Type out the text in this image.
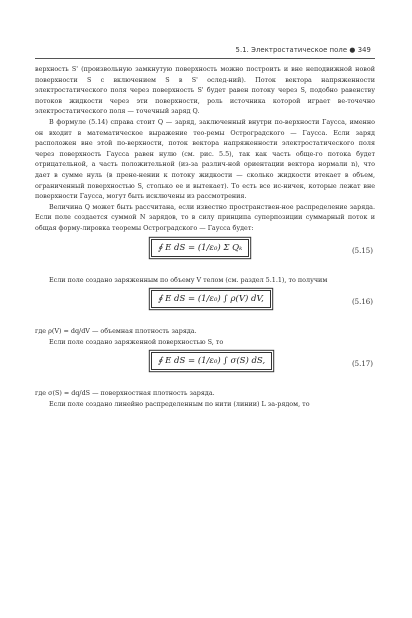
5.1. Электростатическое поле ● 349

верхность S' (произвольную замкнутую поверхность можно построить и вне неподвижной новой поверхности S с включением S в S' ослед-ний). Поток вектора напряженности электростатического поля через поверхность S' будет равен потоку через S, подобно равенству потоков жидкости через эти поверхности, роль источника которой играет ве-точечно электростатического поля — точечный заряд Q.

В формуле (5.14) справа стоит Q — заряд, заключенный внутри по-верхности Гаусса, именно он входит в математическое выражение тео-ремы Остроградского — Гаусса. Если заряд расположен вне этой по-верхности, поток вектора напряженности электростатического поля через поверхность Гаусса равен нулю (см. рис. 5.5), так как часть обще-го потока будет отрицательной, а часть положительной (из-за различ-ной ориентации вектора нормали n), что дает в сумме нуль (в прене-нении к потоку жидкости — сколько жидкости втекает в объем, ограниченный поверхностью S, столько ее и вытекает). То есть все ис-ничек, которые лежат вне поверхности Гаусса, могут быть исключены из рассмотрения.

Величина Q может быть рассчитана, если известно пространствен-ное распределение заряда. Если поле создается суммой N зарядов, то в силу принципа суперпозиции суммарный поток и общая форму-лировка теоремы Остроградского — Гаусса будет:

∮ E dS = (1/ε₀) Σ Qₖ	(5.15)

Если поле создано заряженным по объему V телом (см. раздел 5.1.1), то получим

∮ E dS = (1/ε₀) ∫ ρ(V) dV,	(5.16)

где ρ(V) = dq/dV — объемная плотность заряда.

Если поле создано заряженной поверхностью S, то

∮ E dS = (1/ε₀) ∫ σ(S) dS,	(5.17)

где σ(S) = dq/dS — поверхностная плотность заряда.

Если поле создано линейно распределенным по нити (линии) L за-рядом, то
